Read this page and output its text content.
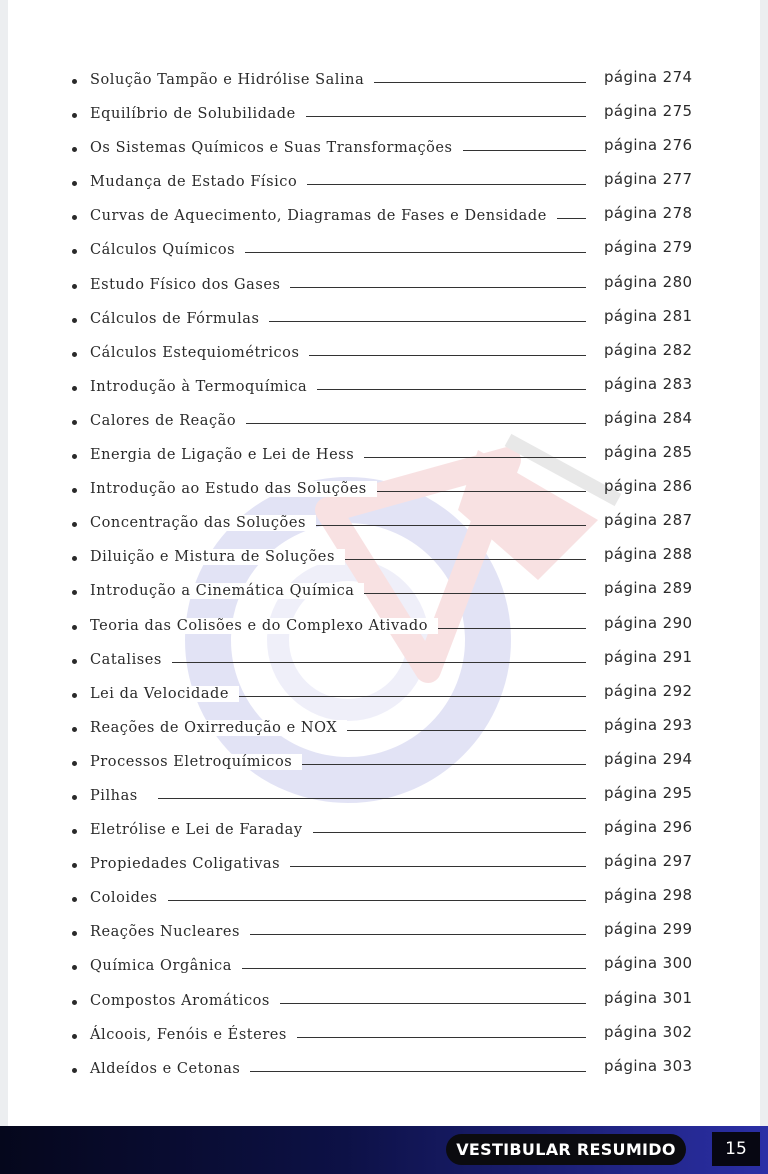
Solução Tampão e Hidrólise Salina	página 274
Equilíbrio de Solubilidade	página 275
Os Sistemas Químicos e Suas Transformações	página 276
Mudança de Estado Físico	página 277
Curvas de Aquecimento, Diagramas de Fases e Densidade	página 278
Cálculos Químicos	página 279
Estudo Físico dos Gases	página 280
Cálculos de Fórmulas	página 281
Cálculos Estequiométricos	página 282
Introdução à Termoquímica	página 283
Calores de Reação	página 284
Energia de Ligação e Lei de Hess	página 285
Introdução ao Estudo das Soluções	página 286
Concentração das Soluções	página 287
Diluição e Mistura de Soluções	página 288
Introdução a Cinemática Química	página 289
Teoria das Colisões e do Complexo Ativado	página 290
Catalises	página 291
Lei da Velocidade	página 292
Reações de Oxirredução e NOX	página 293
Processos Eletroquímicos	página 294
Pilhas	página 295
Eletrólise e Lei de Faraday	página 296
Propiedades Coligativas	página 297
Coloides	página 298
Reações Nucleares	página 299
Química Orgânica	página 300
Compostos Aromáticos	página 301
Álcoois, Fenóis e Ésteres	página 302
Aldeídos e Cetonas	página 303
VESTIBULAR RESUMIDO	15
